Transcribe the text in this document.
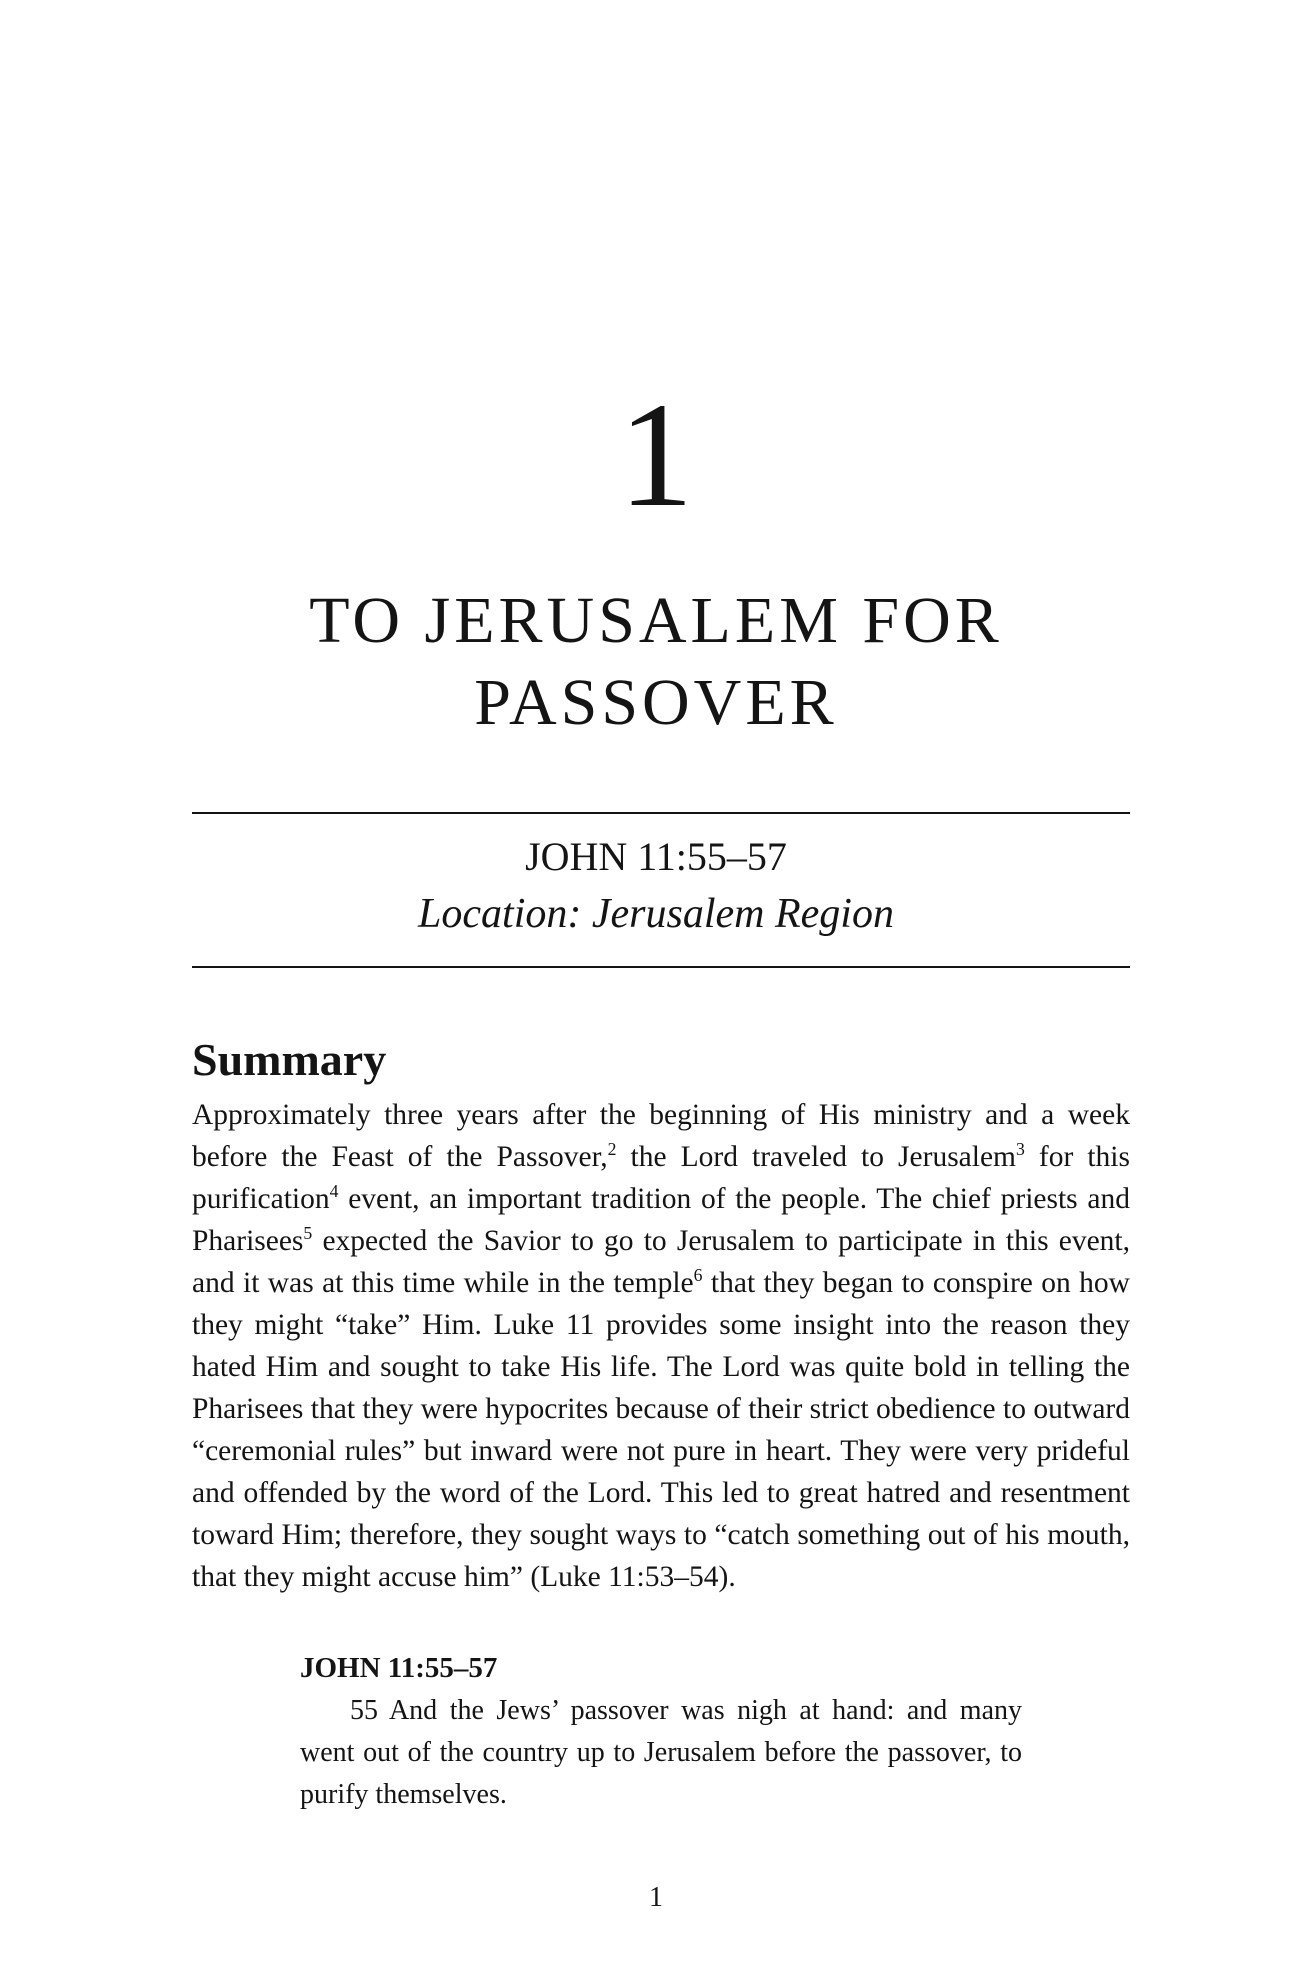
1
TO JERUSALEM FOR
PASSOVER
JOHN 11:55–57
Location: Jerusalem Region
Summary

Approximately three years after the beginning of His ministry and a week before the Feast of the Passover,$^2$ the Lord traveled to Jerusalem$^3$ for this purification$^4$ event, an important tradition of the people. The chief priests and Pharisees$^5$ expected the Savior to go to Jerusalem to participate in this event, and it was at this time while in the temple$^6$ that they began to conspire on how they might “take” Him. Luke 11 provides some insight into the reason they hated Him and sought to take His life. The Lord was quite bold in telling the Pharisees that they were hypocrites because of their strict obedience to outward “ceremonial rules” but inward were not pure in heart. They were very prideful and offended by the word of the Lord. This led to great hatred and resentment toward Him; therefore, they sought ways to “catch something out of his mouth, that they might accuse him” (Luke 11:53–54).

JOHN 11:55–57
55 And the Jews’ passover was nigh at hand: and many went out of the country up to Jerusalem before the passover, to purify themselves.
1
